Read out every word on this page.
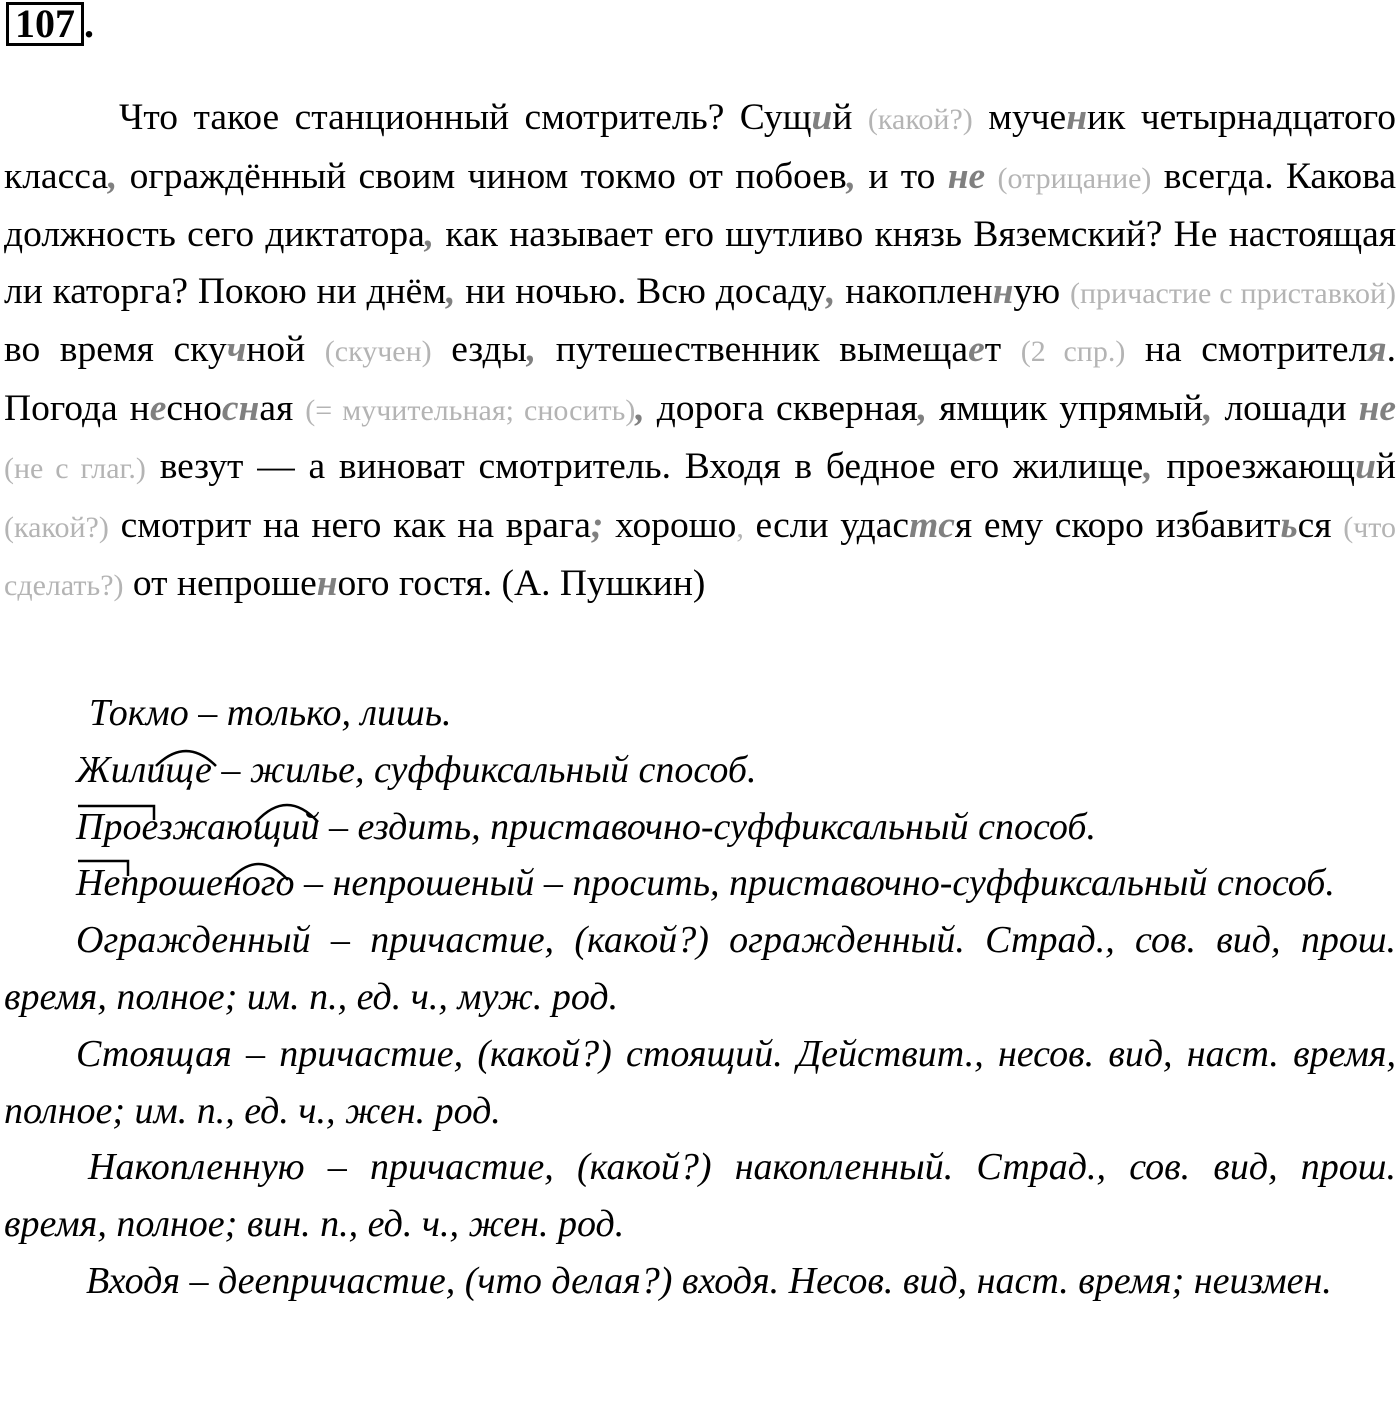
107 .

Что такое станционный смотритель? Сущий (какой?) мученик четырнадцатого класса, ограждённый своим чином токмо от побоев, и то не (отрицание) всегда. Какова должность сего диктатора, как называет его шутливо князь Вяземский? Не настоящая ли каторга? Покою ни днём, ни ночью. Всю досаду, накопленную (причастие с приставкой) во время скучной (скучен) езды, путешественник вымещает (2 спр.) на смотрителя. Погода несносная (= мучительная; сносить), дорога скверная, ямщик упрямый, лошади не (не с глаг.) везут — а виноват смотритель. Входя в бедное его жилище, проезжающий (какой?) смотрит на него как на врага; хорошо, если удастся ему скоро избавиться (что сделать?) от непрошеного гостя. (А. Пушкин)

Токмо – только, лишь.

Жилище – жилье, суффиксальный способ.

Проезжающий – ездить, приставочно-суффиксальный способ.

Непрошеного – непрошеный – просить, приставочно-суффиксальный способ.

Огражденный – причастие, (какой?) огражденный. Страд., сов. вид, прош. время, полное; им. п., ед. ч., муж. род.

Стоящая – причастие, (какой?) стоящий. Действит., несов. вид, наст. время, полное; им. п., ед. ч., жен. род.

Накопленную – причастие, (какой?) накопленный. Страд., сов. вид, прош. время, полное; вин. п., ед. ч., жен. род.

Входя – деепричастие, (что делая?) входя. Несов. вид, наст. время; неизмен.
